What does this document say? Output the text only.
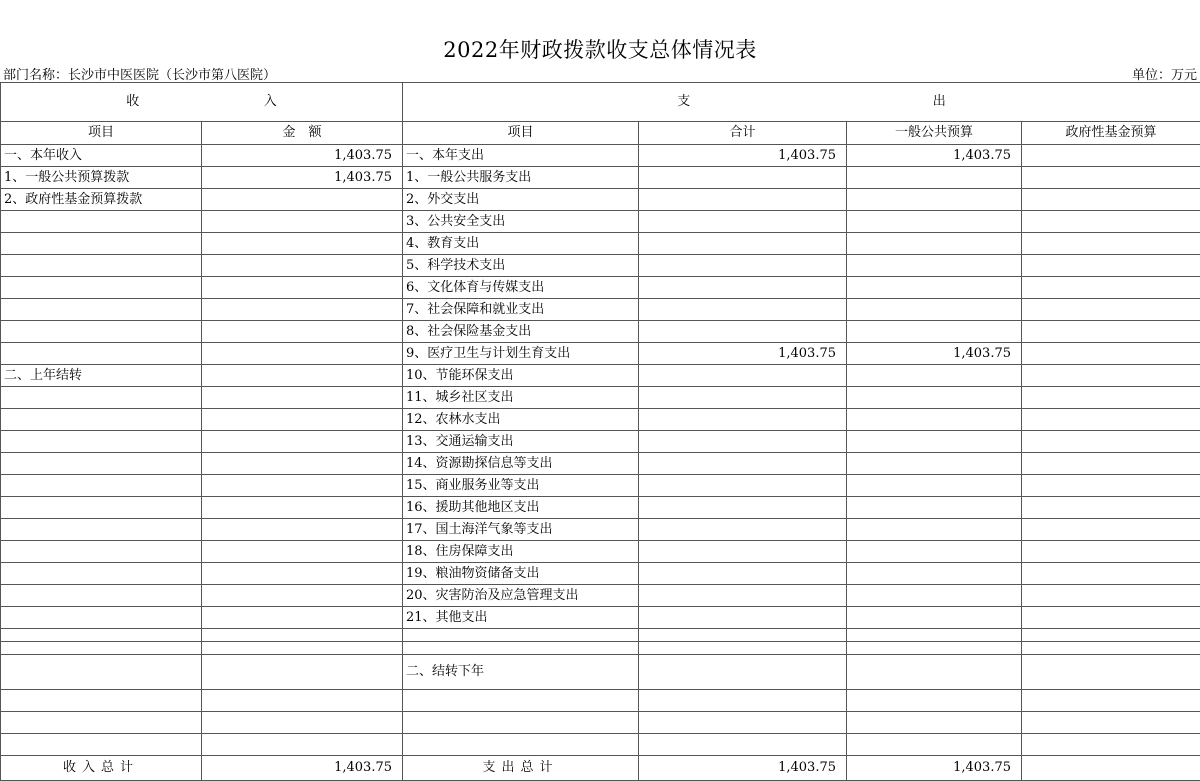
2022年财政拨款收支总体情况表
部门名称：长沙市中医医院（长沙市第八医院）	单位：万元
收 入		支 出			

项目	金　额	项目	合计	一般公共预算	政府性基金预算
一、本年收入	1,403.75	一、本年支出	1,403.75	1,403.75	
1、一般公共预算拨款	1,403.75	1、一般公共服务支出			
2、政府性基金预算拨款		2、外交支出			
		3、公共安全支出			
		4、教育支出			
		5、科学技术支出			
		6、文化体育与传媒支出			
		7、社会保障和就业支出			
		8、社会保险基金支出			
		9、医疗卫生与计划生育支出	1,403.75	1,403.75	
二、上年结转		10、节能环保支出			
		11、城乡社区支出			
		12、农林水支出			
		13、交通运输支出			
		14、资源勘探信息等支出			
		15、商业服务业等支出			
		16、援助其他地区支出			
		17、国土海洋气象等支出			
		18、住房保障支出			
		19、粮油物资储备支出			
		20、灾害防治及应急管理支出			
		21、其他支出			

		二、结转下年			

收入总计	1,403.75	支出总计	1,403.75	1,403.75	
